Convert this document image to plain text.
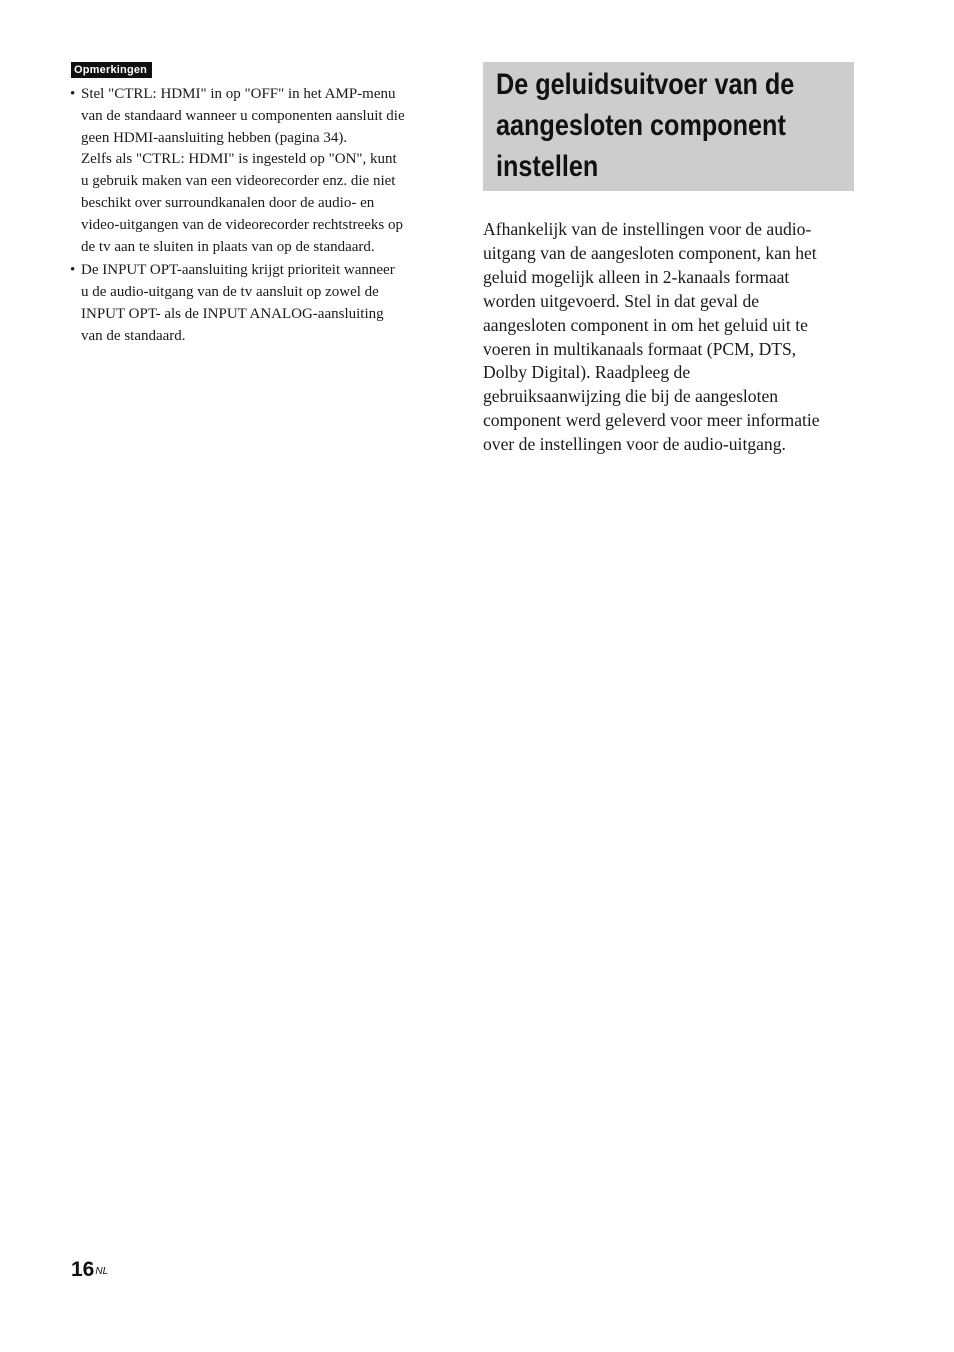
Opmerkingen
• Stel "CTRL: HDMI" in op "OFF" in het AMP-menu
van de standaard wanneer u componenten aansluit die
geen HDMI-aansluiting hebben (pagina 34).
Zelfs als "CTRL: HDMI" is ingesteld op "ON", kunt
u gebruik maken van een videorecorder enz. die niet
beschikt over surroundkanalen door de audio- en
video-uitgangen van de videorecorder rechtstreeks op
de tv aan te sluiten in plaats van op de standaard.
• De INPUT OPT-aansluiting krijgt prioriteit wanneer
u de audio-uitgang van de tv aansluit op zowel de
INPUT OPT- als de INPUT ANALOG-aansluiting
van de standaard.
De geluidsuitvoer van de
aangesloten component
instellen
Afhankelijk van de instellingen voor de audio-
uitgang van de aangesloten component, kan het
geluid mogelijk alleen in 2-kanaals formaat
worden uitgevoerd. Stel in dat geval de
aangesloten component in om het geluid uit te
voeren in multikanaals formaat (PCM, DTS,
Dolby Digital). Raadpleeg de
gebruiksaanwijzing die bij de aangesloten
component werd geleverd voor meer informatie
over de instellingen voor de audio-uitgang.
$16^{NL}$
